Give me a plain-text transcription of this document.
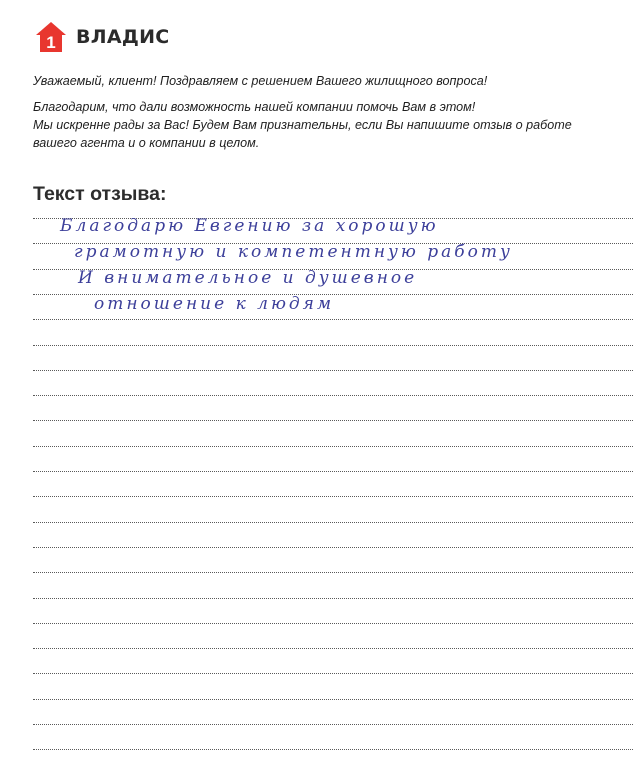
1 ВЛАДИС

Уважаемый, клиент! Поздравляем с решением Вашего жилищного вопроса!

Благодарим, что дали возможность нашей компании помочь Вам в этом!
Мы искренне рады за Вас! Будем Вам признательны, если Вы напишите отзыв о работе
вашего агента и о компании в целом.

Текст отзыва:
Благодарю Евгению за хорошую
грамотную и компетентную работу
И внимательное и душевное
отношение к людям
